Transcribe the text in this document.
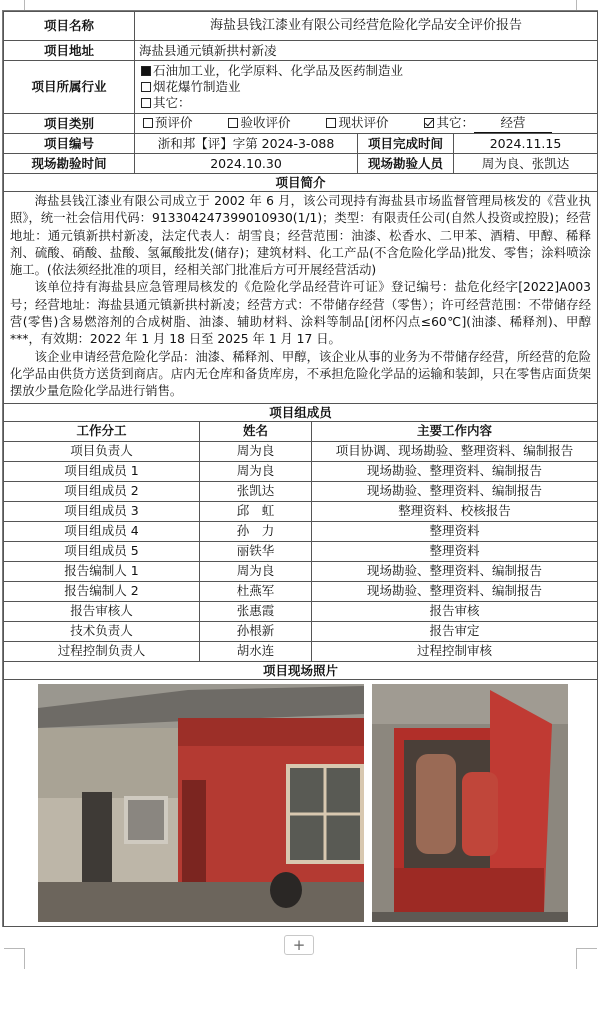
项目名称	海盐县钱江漆业有限公司经营危险化学品安全评价报告		
项目地址	海盐县通元镇新拱村新凌		
项目所属行业	石油加工业，化学原料、化学品及医药制造业
烟花爆竹制造业
其它：		

项目类别	预评价 验收评价 现状评价 其它： 经营		
项目编号	浙和邦【评】字第 2024-3-088	项目完成时间	2024.11.15
现场勘验时间	2024.10.30	现场勘验人员	周为良、张凯达
项目简介			

海盐县钱江漆业有限公司成立于 2002 年 6 月，该公司现持有海盐县市场监督管理局核发的《营业执照》，统一社会信用代码：913304247399010930(1/1)；类型：有限责任公司(自然人投资或控股)；经营地址：通元镇新拱村新凌，法定代表人：胡雪良；经营范围：油漆、松香水、二甲苯、酒精、甲醇、稀释剂、硫酸、硝酸、盐酸、氢氟酸批发(储存)；建筑材料、化工产品(不含危险化学品)批发、零售；涂料喷涂施工。(依法须经批准的项目，经相关部门批准后方可开展经营活动)

该单位持有海盐县应急管理局核发的《危险化学品经营许可证》登记编号：盐危化经字[2022]A003 号；经营地址：海盐县通元镇新拱村新凌；经营方式：不带储存经营（零售）；许可经营范围：不带储存经营(零售)含易燃溶剂的合成树脂、油漆、辅助材料、涂料等制品[闭杯闪点≤60℃](油漆、稀释剂)、甲醇***，有效期：2022 年 1 月 18 日至 2025 年 1 月 17 日。

该企业申请经营危险化学品：油漆、稀释剂、甲醇，该企业从事的业务为不带储存经营，所经营的危险化学品由供货方送货到商店。店内无仓库和备货库房，不承担危险化学品的运输和装卸，只在零售店面货架摆放少量危险化学品进行销售。			

项目组成员			
工作分工	姓名	主要工作内容
项目负责人	周为良	项目协调、现场勘验、整理资料、编制报告
项目组成员 1	周为良	现场勘验、整理资料、编制报告
项目组成员 2	张凯达	现场勘验、整理资料、编制报告
项目组成员 3	邱　虹	整理资料、校核报告
项目组成员 4	孙　力	整理资料
项目组成员 5	丽铁华	整理资料
报告编制人 1	周为良	现场勘验、整理资料、编制报告
报告编制人 2	杜燕军	现场勘验、整理资料、编制报告
报告审核人	张惠霞	报告审核
技术负责人	孙根新	报告审定
过程控制负责人	胡水连	过程控制审核
项目现场照片		

+
